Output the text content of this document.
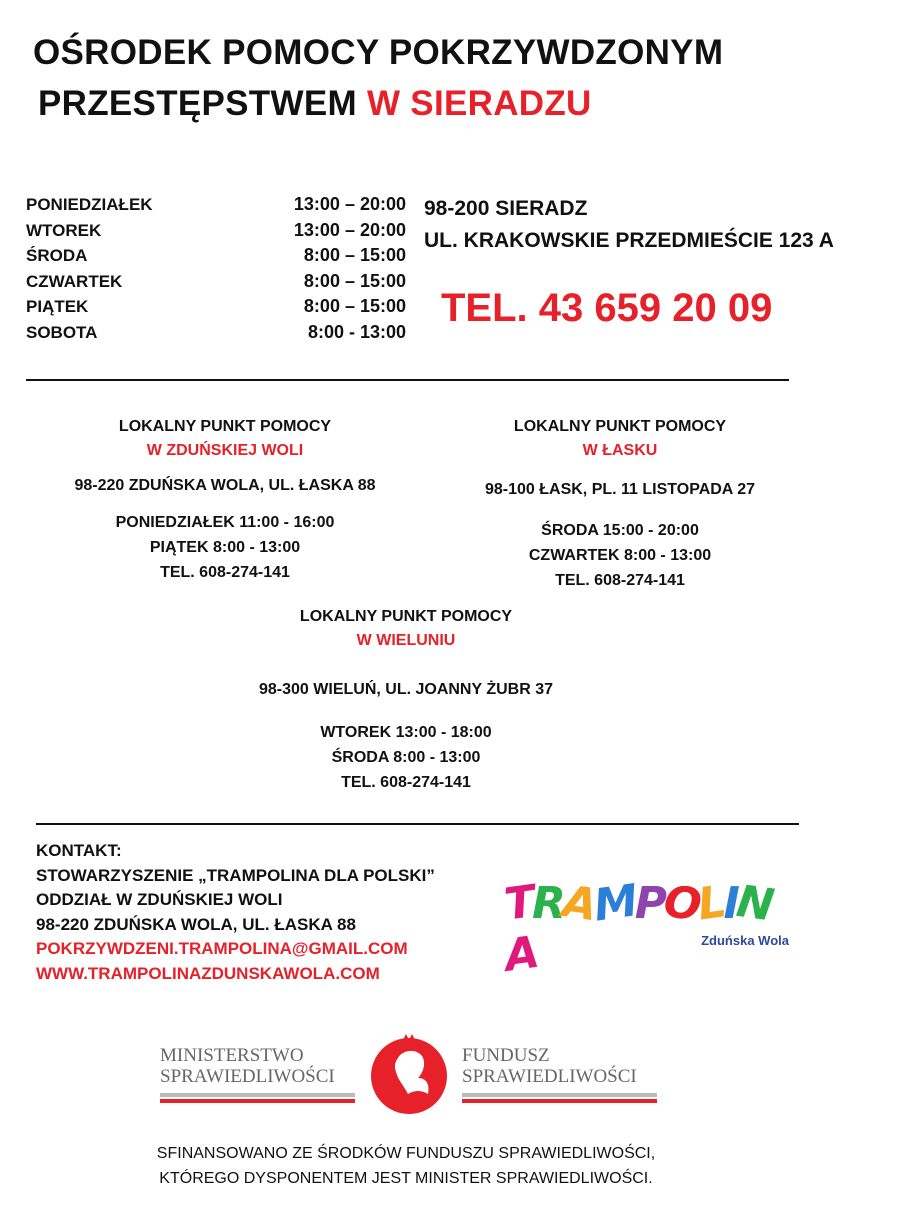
OŚRODEK POMOCY POKRZYWDZONYM
PRZESTĘPSTWEM W SIERADZU
PONIEDZIAŁEK	13:00 – 20:00
WTOREK	13:00 – 20:00
ŚRODA	8:00 – 15:00
CZWARTEK	8:00 – 15:00
PIĄTEK	8:00 – 15:00
SOBOTA	8:00 - 13:00
98-200 SIERADZ
UL. KRAKOWSKIE PRZEDMIEŚCIE 123 A
TEL. 43 659 20 09
LOKALNY PUNKT POMOCY
W ZDUŃSKIEJ WOLI
98-220 ZDUŃSKA WOLA, UL. ŁASKA 88
PONIEDZIAŁEK 11:00 - 16:00
PIĄTEK 8:00 - 13:00
TEL. 608-274-141
LOKALNY PUNKT POMOCY
W ŁASKU
98-100 ŁASK, PL. 11 LISTOPADA 27
ŚRODA 15:00 - 20:00
CZWARTEK 8:00 - 13:00
TEL. 608-274-141
LOKALNY PUNKT POMOCY
W WIELUNIU
98-300 WIELUŃ, UL. JOANNY ŻUBR 37
WTOREK 13:00 - 18:00
ŚRODA 8:00 - 13:00
TEL. 608-274-141
KONTAKT:
STOWARZYSZENIE „TRAMPOLINA DLA POLSKI”
ODDZIAŁ W ZDUŃSKIEJ WOLI
98-220 ZDUŃSKA WOLA, UL. ŁASKA 88
POKRZYWDZENI.TRAMPOLINA@GMAIL.COM
WWW.TRAMPOLINAZDUNSKAWOLA.COM
TRAMPOLINA	Zduńska Wola
MINISTERSTWO
SPRAWIEDLIWOŚCI
FUNDUSZ
SPRAWIEDLIWOŚCI
SFINANSOWANO ZE ŚRODKÓW FUNDUSZU SPRAWIEDLIWOŚCI,
KTÓREGO DYSPONENTEM JEST MINISTER SPRAWIEDLIWOŚCI.
